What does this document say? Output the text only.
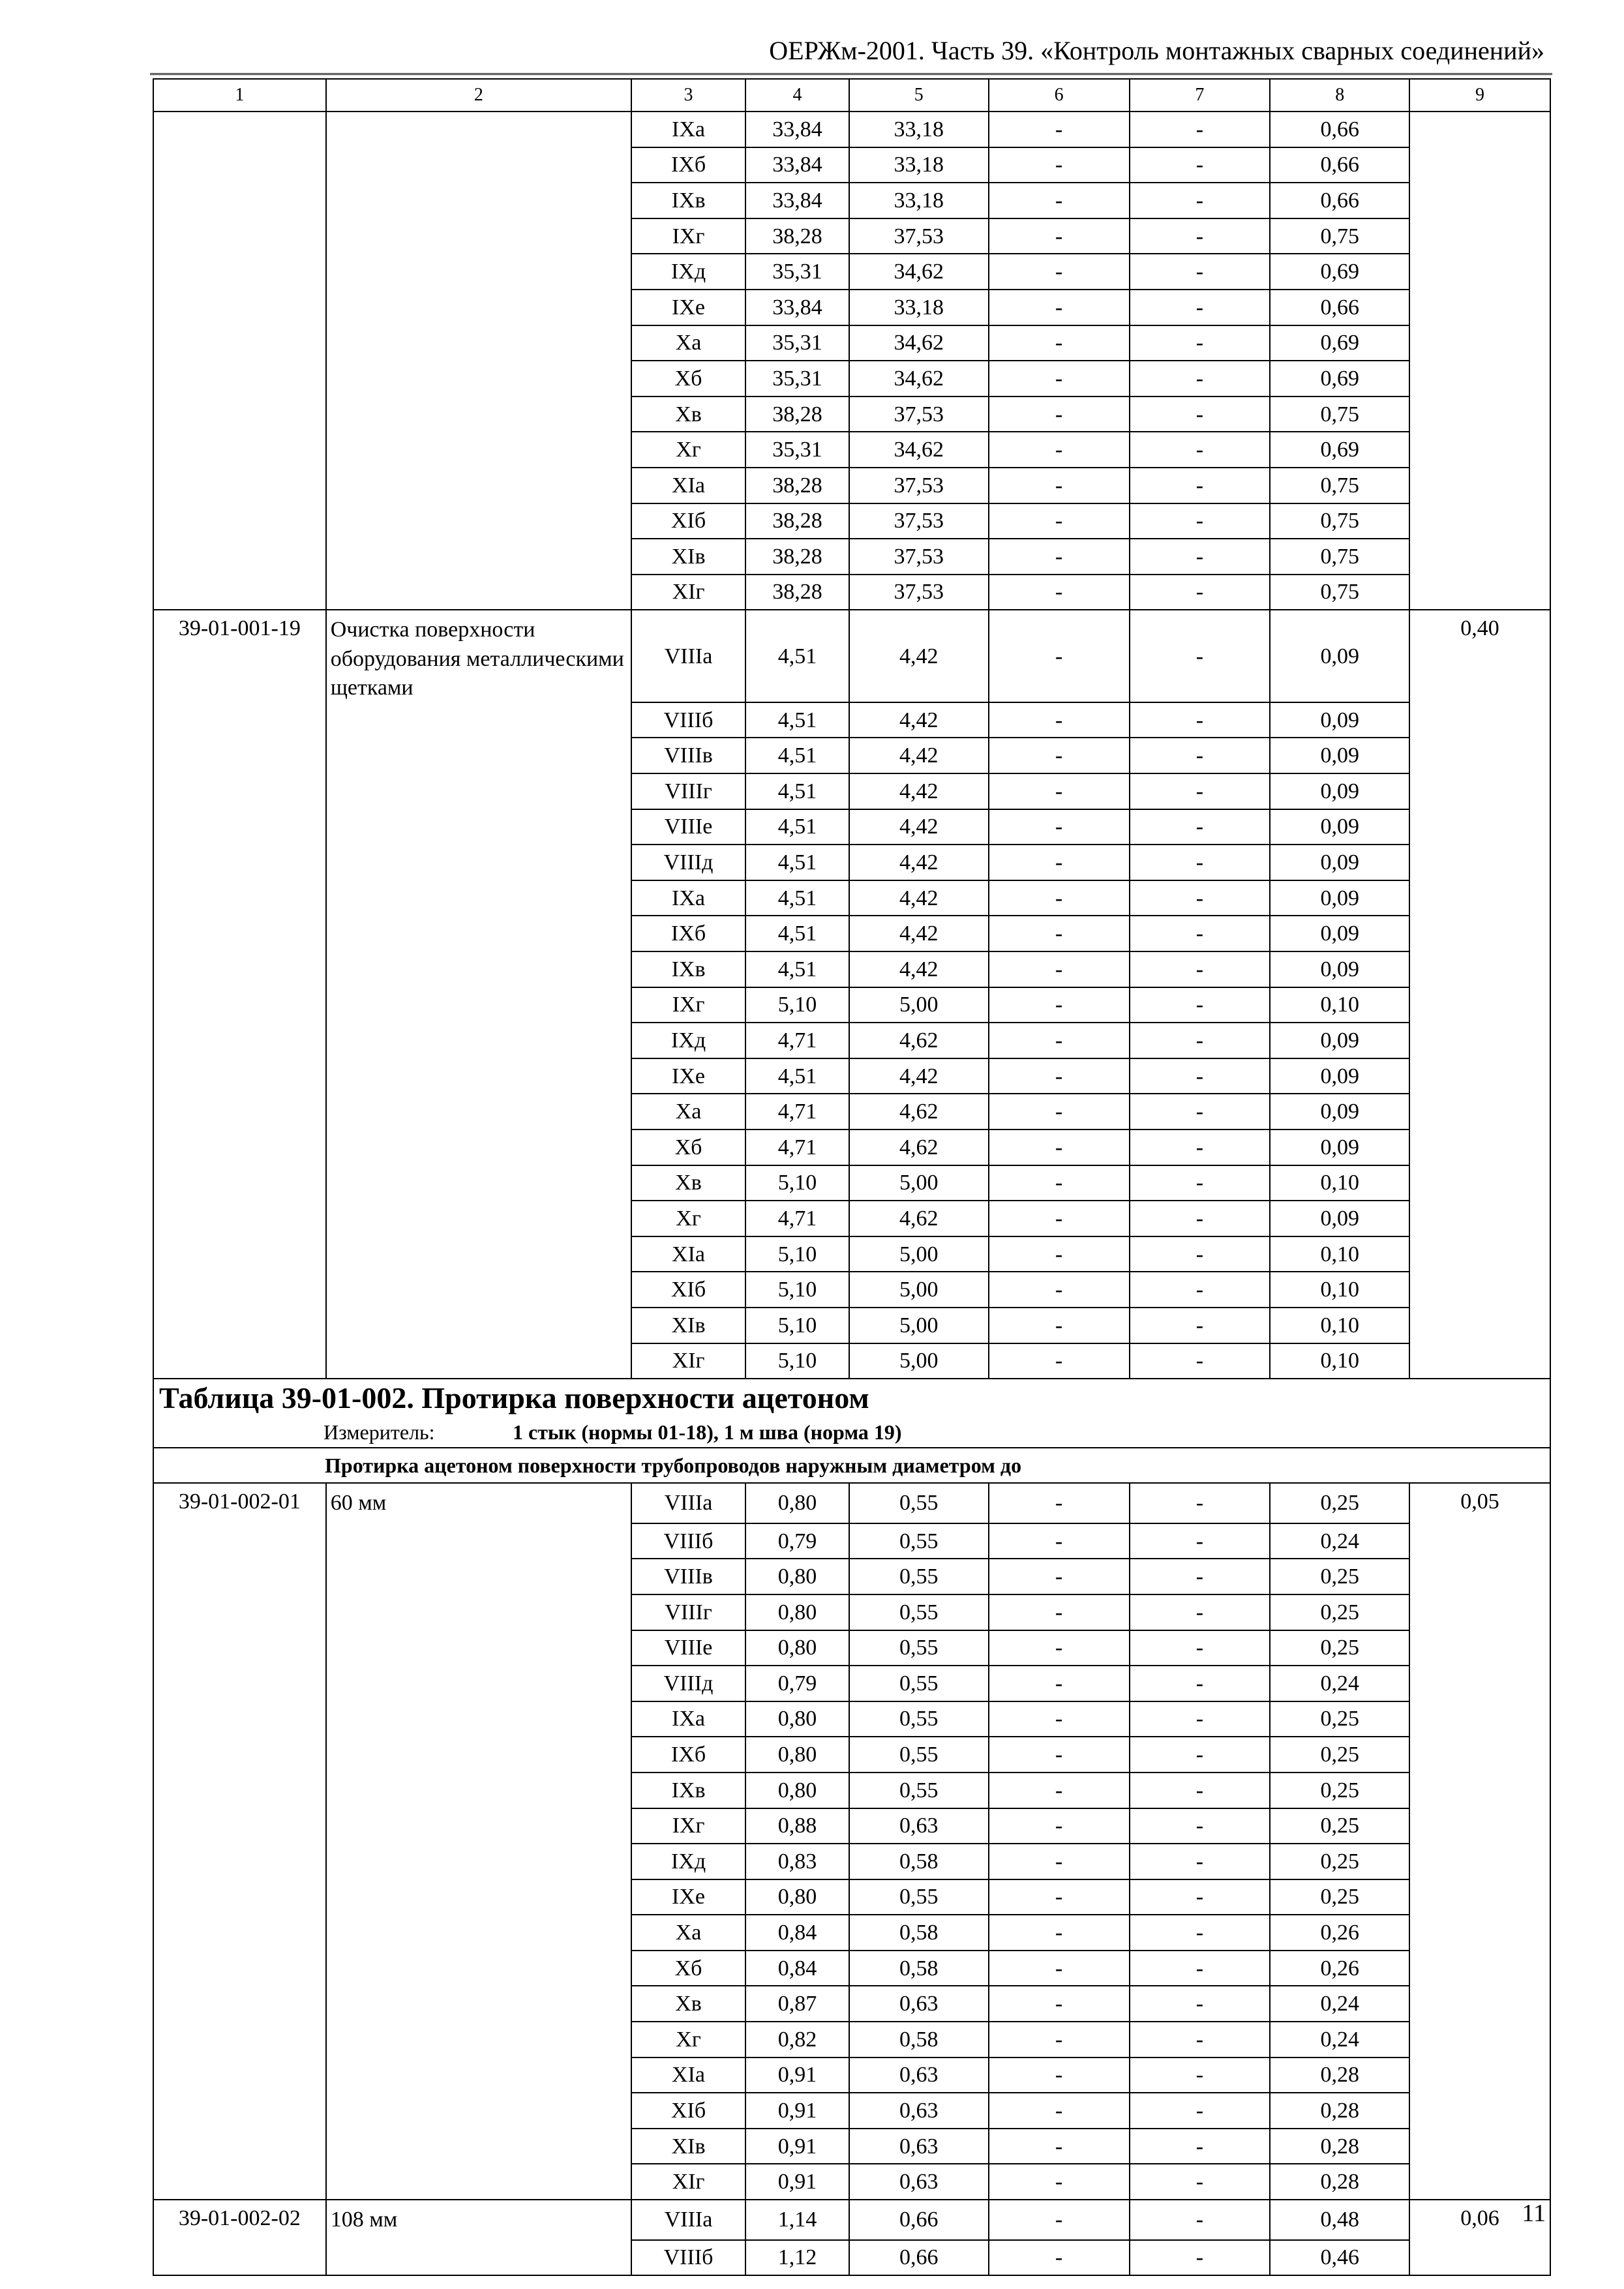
ОЕРЖм-2001. Часть 39. «Контроль монтажных сварных соединений»
1	2	3	4	5	6	7	8	9
		IXа	33,84	33,18	-	-	0,66	
		IXб	33,84	33,18	-	-	0,66	
		IXв	33,84	33,18	-	-	0,66	
		IXг	38,28	37,53	-	-	0,75	
		IXд	35,31	34,62	-	-	0,69	
		IXе	33,84	33,18	-	-	0,66	
		Xа	35,31	34,62	-	-	0,69	
		Xб	35,31	34,62	-	-	0,69	
		Xв	38,28	37,53	-	-	0,75	
		Xг	35,31	34,62	-	-	0,69	
		XIа	38,28	37,53	-	-	0,75	
		XIб	38,28	37,53	-	-	0,75	
		XIв	38,28	37,53	-	-	0,75	
		XIг	38,28	37,53	-	-	0,75	
39-01-001-19	Очистка поверхности оборудования металлическими щетками	VIIIа	4,51	4,42	-	-	0,09	0,40
		VIIIб	4,51	4,42	-	-	0,09	
		VIIIв	4,51	4,42	-	-	0,09	
		VIIIг	4,51	4,42	-	-	0,09	
		VIIIе	4,51	4,42	-	-	0,09	
		VIIIд	4,51	4,42	-	-	0,09	
		IXа	4,51	4,42	-	-	0,09	
		IXб	4,51	4,42	-	-	0,09	
		IXв	4,51	4,42	-	-	0,09	
		IXг	5,10	5,00	-	-	0,10	
		IXд	4,71	4,62	-	-	0,09	
		IXе	4,51	4,42	-	-	0,09	
		Xа	4,71	4,62	-	-	0,09	
		Xб	4,71	4,62	-	-	0,09	
		Xв	5,10	5,00	-	-	0,10	
		Xг	4,71	4,62	-	-	0,09	
		XIа	5,10	5,00	-	-	0,10	
		XIб	5,10	5,00	-	-	0,10	
		XIв	5,10	5,00	-	-	0,10	
		XIг	5,10	5,00	-	-	0,10	
Таблица 39-01-002. Протирка поверхности ацетоном								
Измеритель: 1 стык (нормы 01-18), 1 м шва (норма 19)								
Протирка ацетоном поверхности трубопроводов наружным диаметром до								
39-01-002-01	60 мм	VIIIа	0,80	0,55	-	-	0,25	0,05
		VIIIб	0,79	0,55	-	-	0,24	
		VIIIв	0,80	0,55	-	-	0,25	
		VIIIг	0,80	0,55	-	-	0,25	
		VIIIе	0,80	0,55	-	-	0,25	
		VIIIд	0,79	0,55	-	-	0,24	
		IXа	0,80	0,55	-	-	0,25	
		IXб	0,80	0,55	-	-	0,25	
		IXв	0,80	0,55	-	-	0,25	
		IXг	0,88	0,63	-	-	0,25	
		IXд	0,83	0,58	-	-	0,25	
		IXе	0,80	0,55	-	-	0,25	
		Xа	0,84	0,58	-	-	0,26	
		Xб	0,84	0,58	-	-	0,26	
		Xв	0,87	0,63	-	-	0,24	
		Xг	0,82	0,58	-	-	0,24	
		XIа	0,91	0,63	-	-	0,28	
		XIб	0,91	0,63	-	-	0,28	
		XIв	0,91	0,63	-	-	0,28	
		XIг	0,91	0,63	-	-	0,28	
39-01-002-02	108 мм	VIIIа	1,14	0,66	-	-	0,48	0,06
		VIIIб	1,12	0,66	-	-	0,46	
11
